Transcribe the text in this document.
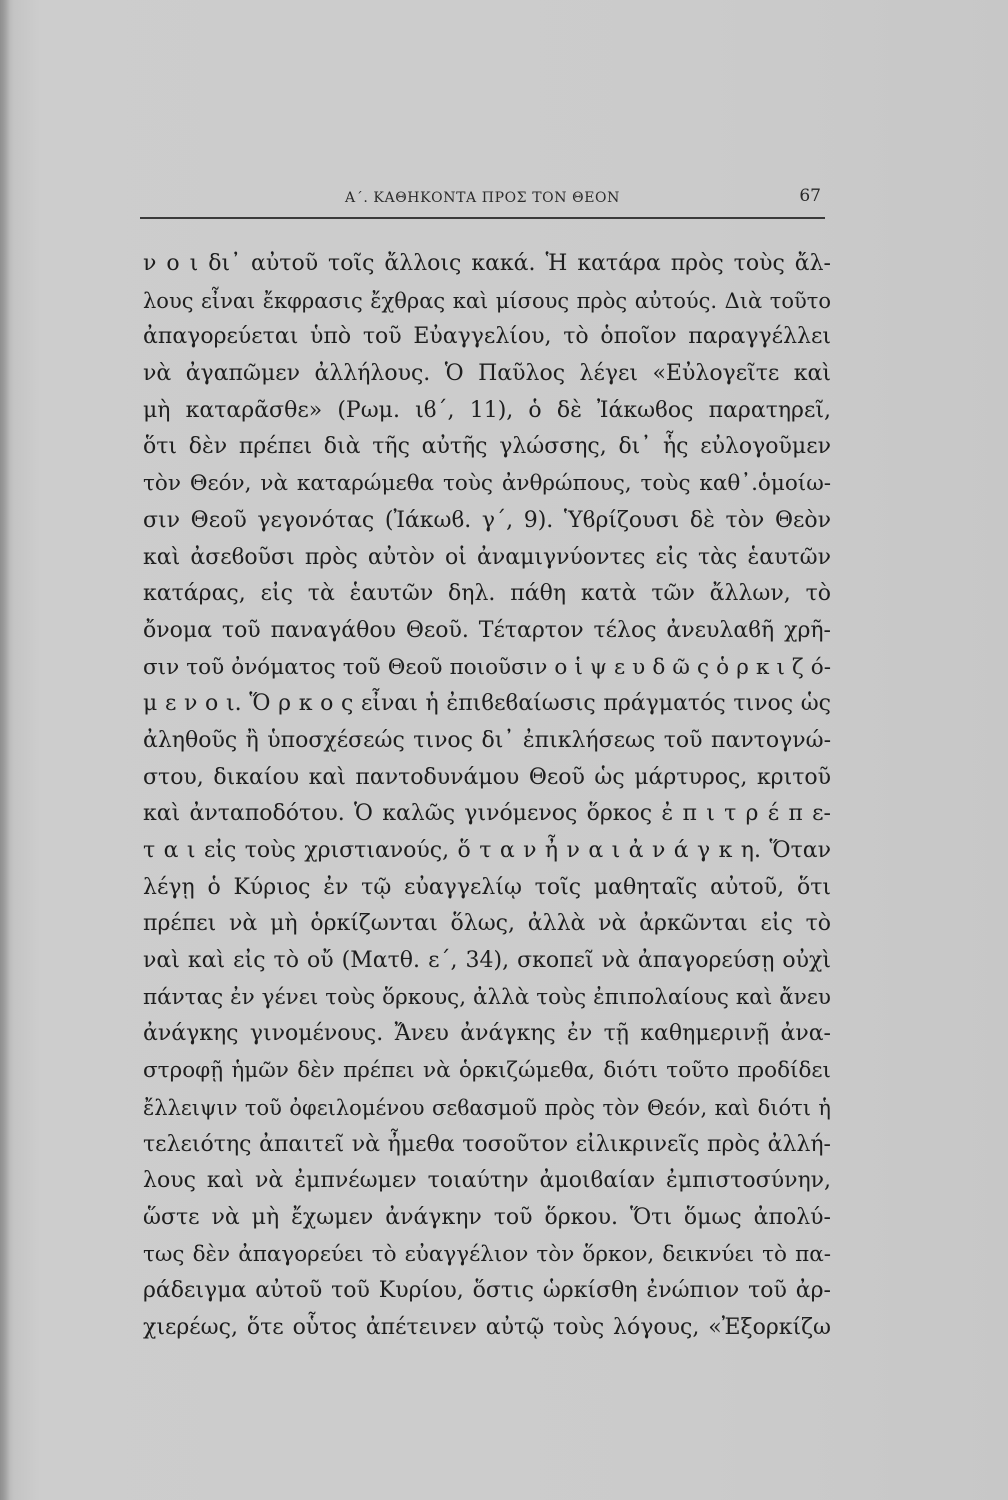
Α΄. ΚΑΘΗΚΟΝΤΑ ΠΡΟΣ ΤΟΝ ΘΕΟΝ	67
ν ο ι δι᾿ αὐτοῦ τοῖς ἄλλοις κακά. Ἡ κατάρα πρὸς τοὺς ἄλ-
λους εἶναι ἔκφρασις ἔχθρας καὶ μίσους πρὸς αὐτούς. Διὰ τοῦτο
ἀπαγορεύεται ὑπὸ τοῦ Εὐαγγελίου, τὸ ὁποῖον παραγγέλλει
νὰ ἀγαπῶμεν ἀλλήλους. Ὁ Παῦλος λέγει «Εὐλογεῖτε καὶ
μὴ καταρᾶσθε» (Ρωμ. ιϐ΄, 11), ὁ δὲ Ἰάκωϐος παρατηρεῖ,
ὅτι δὲν πρέπει διὰ τῆς αὐτῆς γλώσσης, δι᾿ ἧς εὐλογοῦμεν
τὸν Θεόν, νὰ καταρώμεθα τοὺς ἀνθρώπους, τοὺς καθ᾿.ὁμοίω-
σιν Θεοῦ γεγονότας (Ἰάκωϐ. γ΄, 9). Ὑϐρίζουσι δὲ τὸν Θεὸν
καὶ ἀσεϐοῦσι πρὸς αὐτὸν οἱ ἀναμιγνύοντες εἰς τὰς ἑαυτῶν
κατάρας, εἰς τὰ ἑαυτῶν δηλ. πάθη κατὰ τῶν ἄλλων, τὸ
ὄνομα τοῦ παναγάθου Θεοῦ. Τέταρτον τέλος ἀνευλαϐῆ χρῆ-
σιν τοῦ ὀνόματος τοῦ Θεοῦ ποιοῦσιν ο ἱ ψ ε υ δ ῶ ς ὁ ρ κ ι ζ ό-
μ ε ν ο ι. Ὅ ρ κ ο ς εἶναι ἡ ἐπιϐεϐαίωσις πράγματός τινος ὡς
ἀληθοῦς ἢ ὑποσχέσεώς τινος δι᾿ ἐπικλήσεως τοῦ παντογνώ-
στου, δικαίου καὶ παντοδυνάμου Θεοῦ ὡς μάρτυρος, κριτοῦ
καὶ ἀνταποδότου. Ὁ καλῶς γινόμενος ὅρκος ἐ π ι τ ρ έ π ε-
τ α ι εἰς τοὺς χριστιανούς, ὅ τ α ν ἦ ν α ι ἀ ν ά γ κ η. Ὅταν
λέγῃ ὁ Κύριος ἐν τῷ εὐαγγελίῳ τοῖς μαθηταῖς αὐτοῦ, ὅτι
πρέπει νὰ μὴ ὁρκίζωνται ὅλως, ἀλλὰ νὰ ἀρκῶνται εἰς τὸ
ναὶ καὶ εἰς τὸ οὔ (Ματθ. ε΄, 34), σκοπεῖ νὰ ἀπαγορεύσῃ οὐχὶ
πάντας ἐν γένει τοὺς ὅρκους, ἀλλὰ τοὺς ἐπιπολαίους καὶ ἄνευ
ἀνάγκης γινομένους. Ἄνευ ἀνάγκης ἐν τῇ καθημερινῇ ἀνα-
στροφῇ ἡμῶν δὲν πρέπει νὰ ὁρκιζώμεθα, διότι τοῦτο προδίδει
ἔλλειψιν τοῦ ὀφειλομένου σεϐασμοῦ πρὸς τὸν Θεόν, καὶ διότι ἡ
τελειότης ἀπαιτεῖ νὰ ἦμεθα τοσοῦτον εἰλικρινεῖς πρὸς ἀλλή-
λους καὶ νὰ ἐμπνέωμεν τοιαύτην ἀμοιϐαίαν ἐμπιστοσύνην,
ὥστε νὰ μὴ ἔχωμεν ἀνάγκην τοῦ ὅρκου. Ὅτι ὅμως ἀπολύ-
τως δὲν ἀπαγορεύει τὸ εὐαγγέλιον τὸν ὅρκον, δεικνύει τὸ πα-
ράδειγμα αὐτοῦ τοῦ Κυρίου, ὅστις ὡρκίσθη ἐνώπιον τοῦ ἀρ-
χιερέως, ὅτε οὗτος ἀπέτεινεν αὐτῷ τοὺς λόγους, «Ἐξορκίζω
